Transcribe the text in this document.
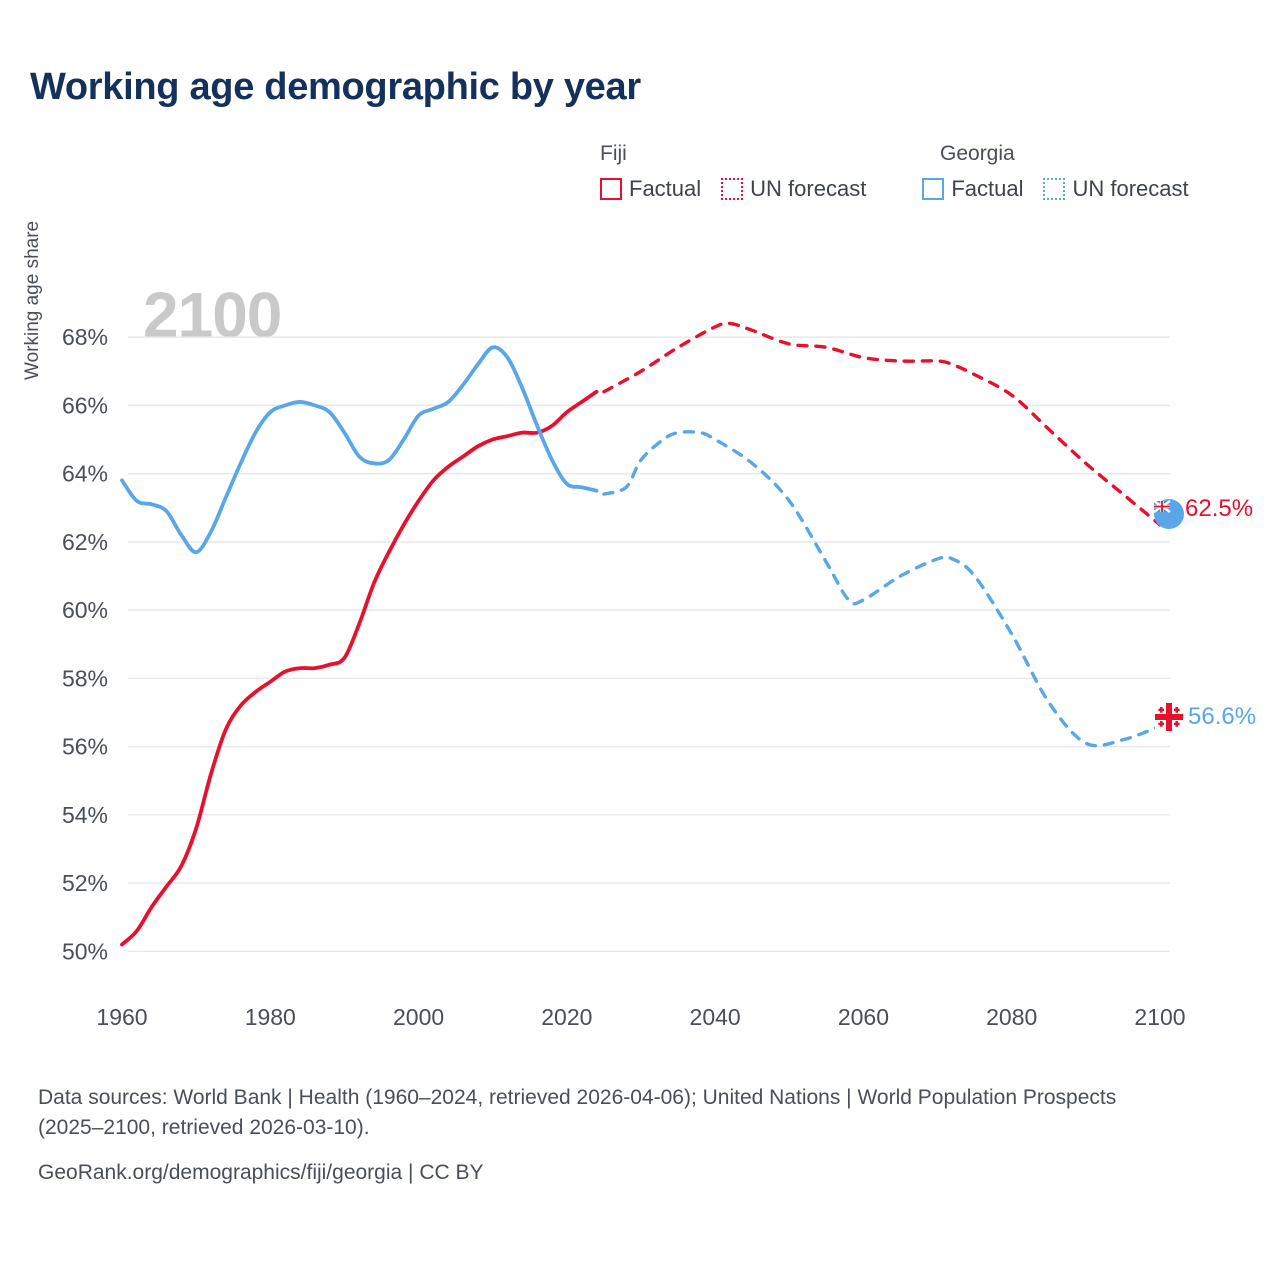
Working age demographic by year
Fiji	Georgia
Factual UN forecast	Factual UN forecast
Working age share 2100
50%
52%
54%
56%
58%
60%
62%
64%
66%
68%
1960	1980	2000	2020	2040	2060	2080	2100
62.5%
56.6%
Data sources: World Bank | Health (1960–2024, retrieved 2026-04-06); United Nations | World Population Prospects (2025–2100, retrieved 2026-03-10).
GeoRank.org/demographics/fiji/georgia | CC BY
